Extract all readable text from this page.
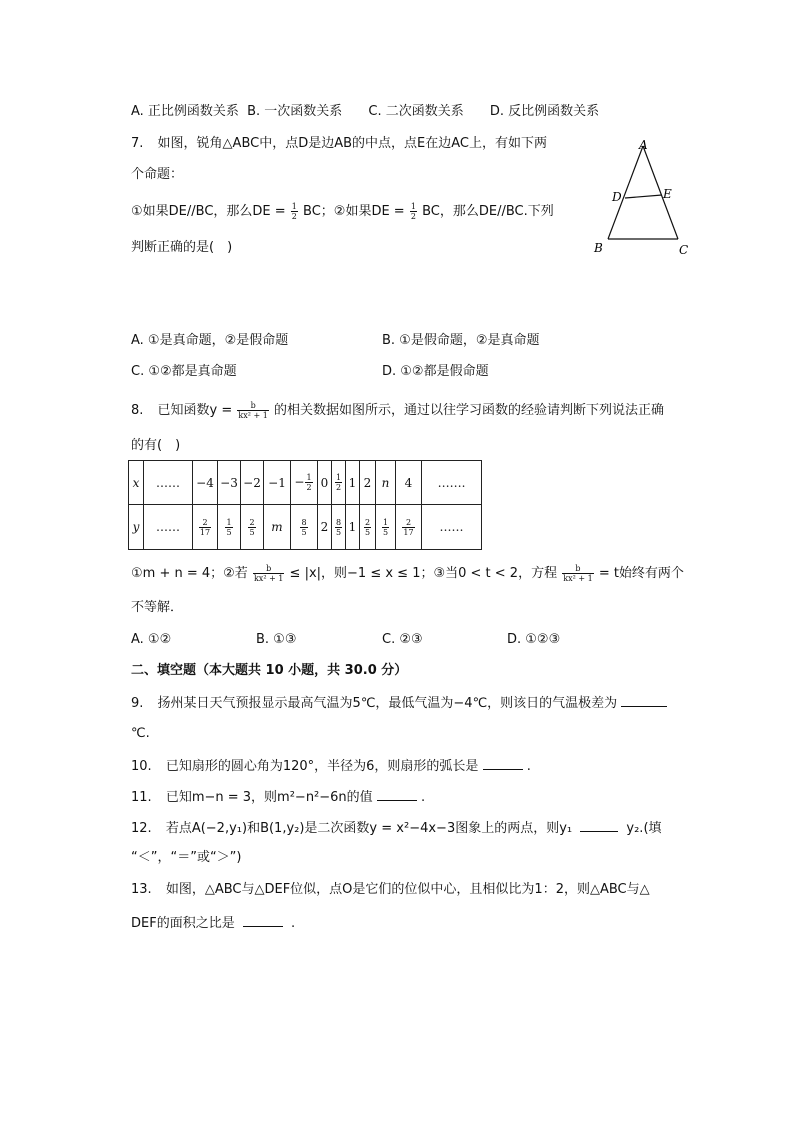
A. 正比例函数关系 B. 一次函数关系 C. 二次函数关系 D. 反比例函数关系
7. 如图，锐角△ABC中，点D是边AB的中点，点E在边AC上，有如下两
个命题：
①如果DE//BC，那么DE = $\frac{1}{2}$ BC；②如果DE = $\frac{1}{2}$ BC，那么DE//BC.下列
判断正确的是(　)
A
D	E
B	C
A. ①是真命题，②是假命题	B. ①是假命题，②是真命题
C. ①②都是真命题	D. ①②都是假命题
8. 已知函数$y = \frac{b}{\text{kx² + 1}}$ 的相关数据如图所示，通过以往学习函数的经验请判断下列说法正确
的有(　)
x	……	−4	−3	−2	−1	− $\frac{1}{2}$	0	$\frac{1}{2}$	1	2	n	4	…….
y	……	$\frac{2}{17}$	$\frac{1}{5}$	$\frac{2}{5}$	m	$\frac{8}{5}$	2	$\frac{8}{5}$	1	$\frac{2}{5}$	$\frac{1}{5}$	$\frac{2}{17}$	……
①m + n = 4；②若 $\frac{b}{\text{kx² + 1}} \le |x|$，则−1 ≤ x ≤ 1；③当0 < t < 2，方程 $\frac{b}{\text{kx² + 1}} = t$始终有两个
不等解．
A. ①②	B. ①③	C. ②③	D. ①②③
二、填空题（本大题共 10 小题，共 30.0 分）
9. 扬州某日天气预报显示最高气温为5℃，最低气温为−4℃，则该日的气温极差为
℃.
10. 已知扇形的圆心角为120°，半径为6，则扇形的弧长是	.
11. 已知m−n = 3，则m²−n²−6n的值	.
12. 若点A(−2,y₁)和B(1,y₂)是二次函数y = x²−4x−3图象上的两点，则y₁	y₂.(填
“＜”，“＝”或“＞”)
13. 如图，△ABC与△DEF位似，点O是它们的位似中心，且相似比为1：2，则△ABC与△
DEF的面积之比是	.
